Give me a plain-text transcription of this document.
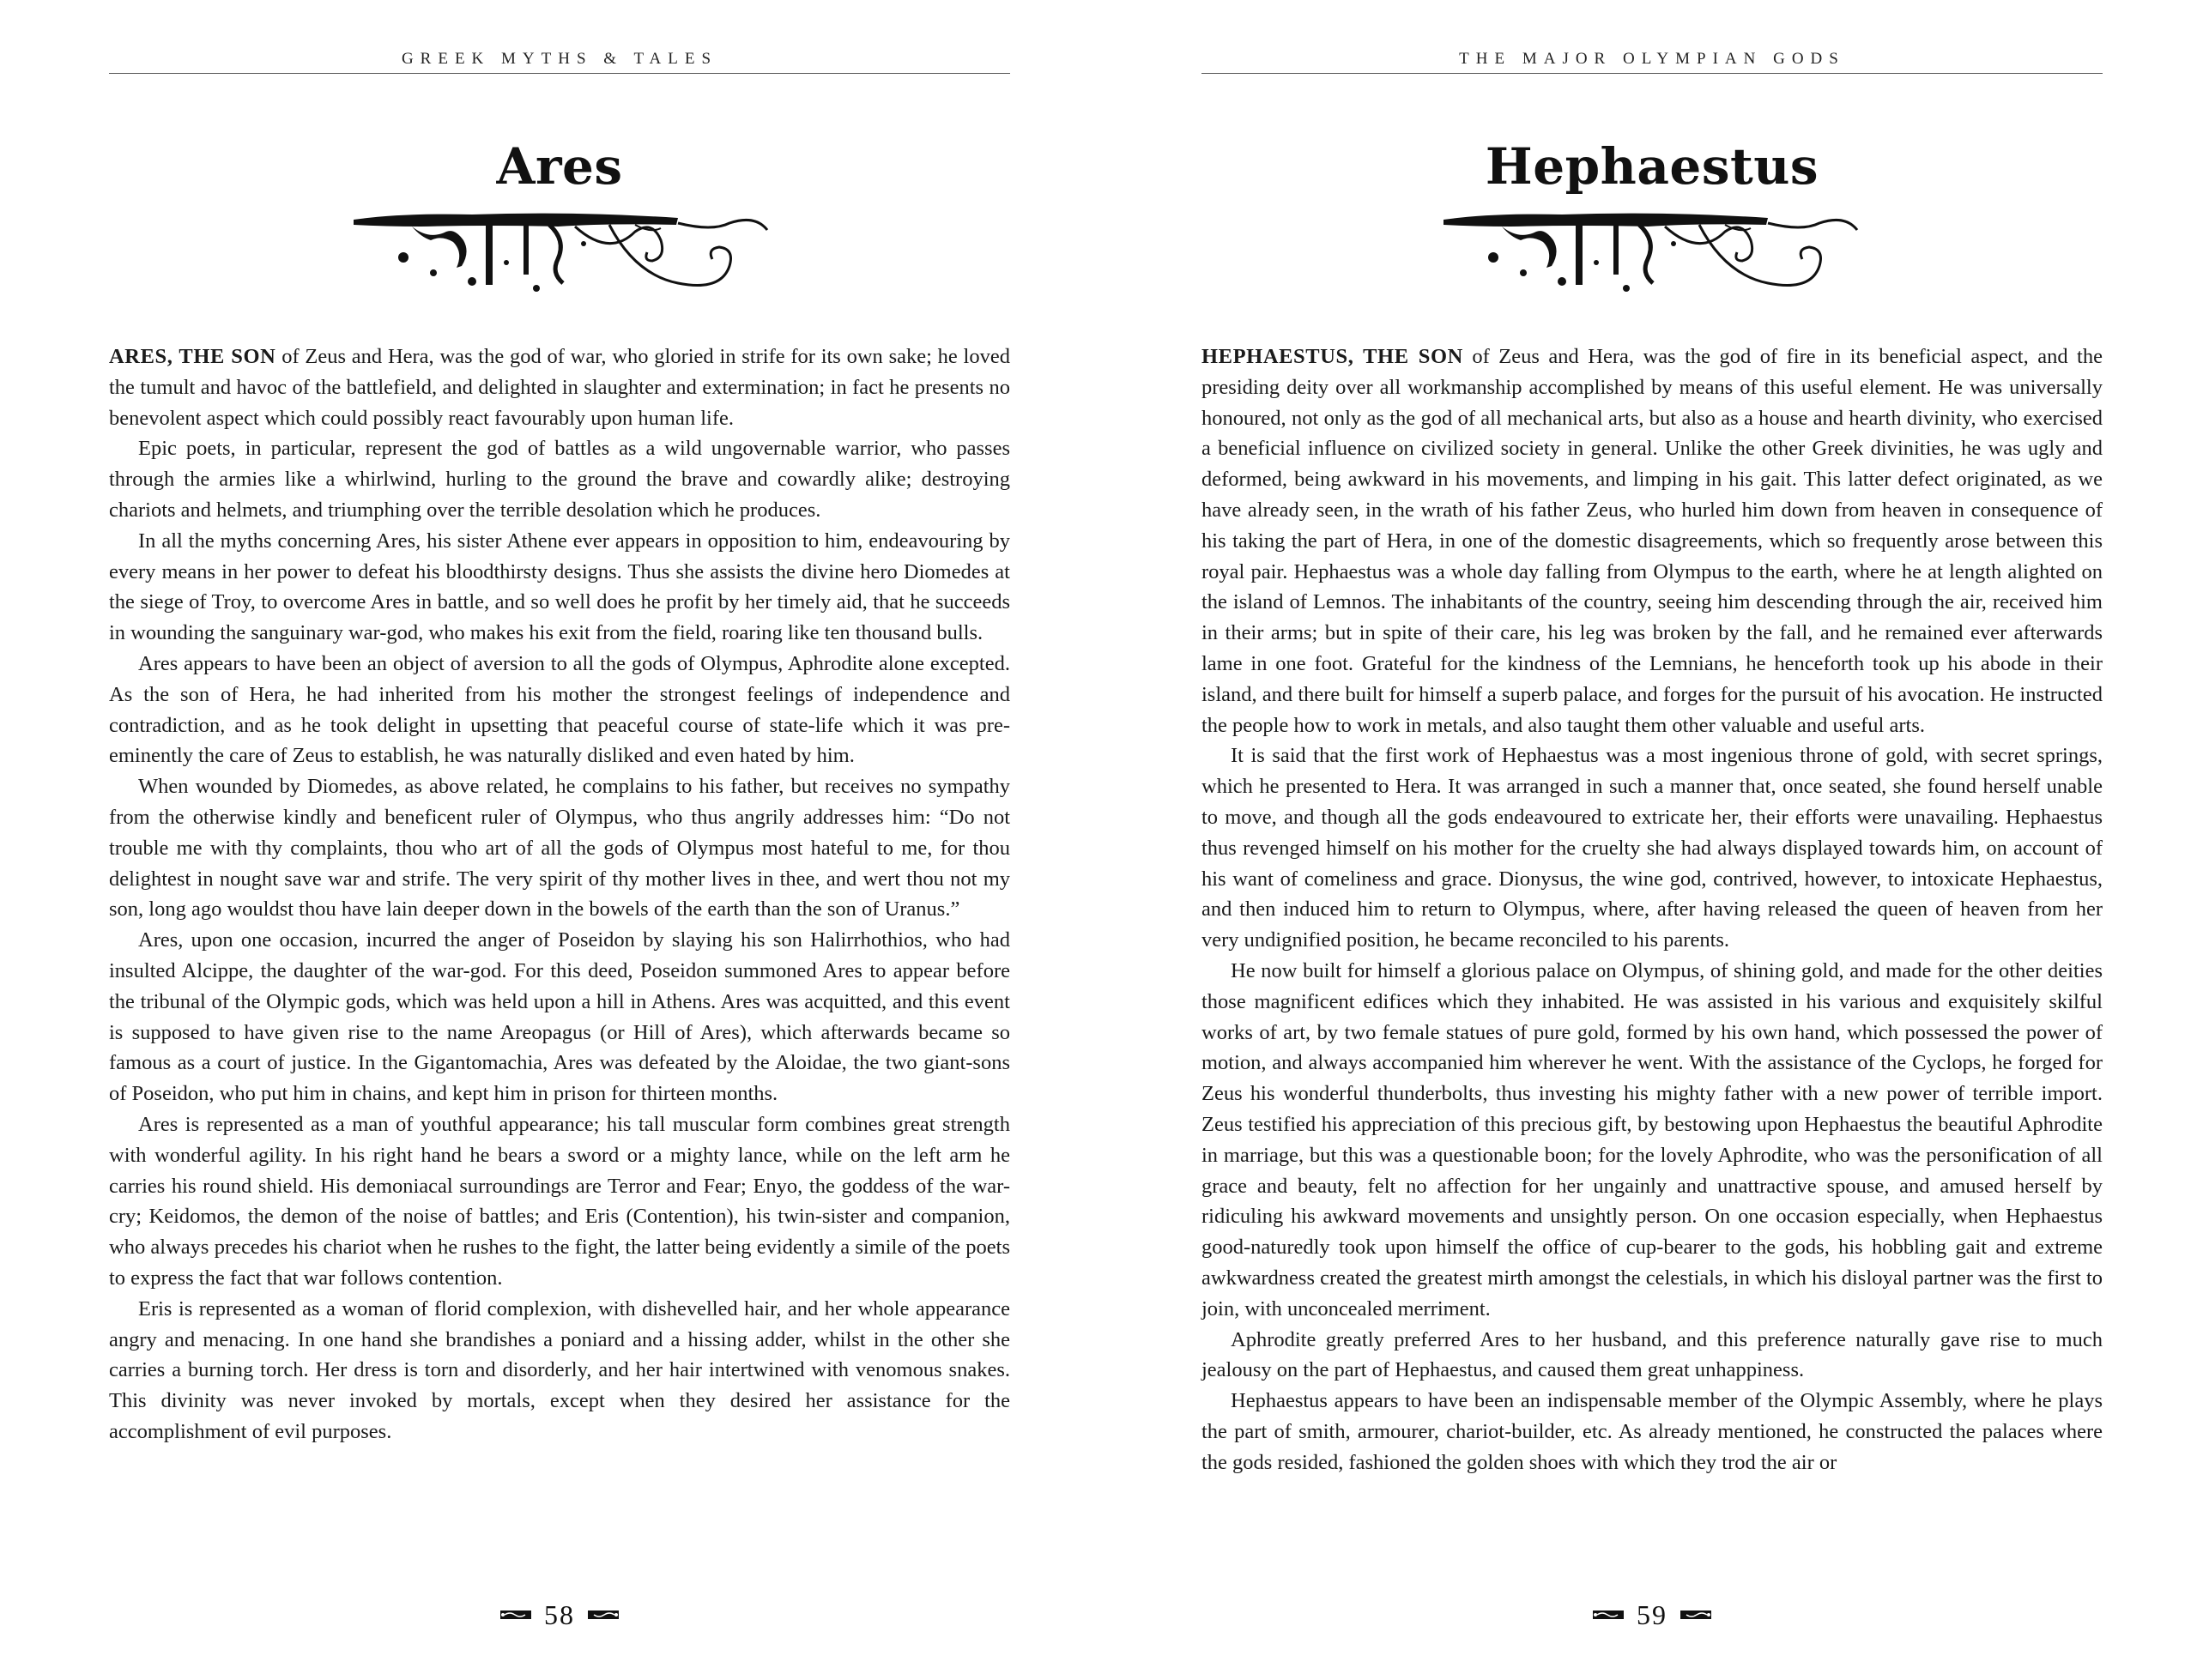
GREEK MYTHS & TALES
Ares

ARES, THE SON of Zeus and Hera, was the god of war, who gloried in strife for its own sake; he loved the tumult and havoc of the battlefield, and delighted in slaughter and extermination; in fact he presents no benevolent aspect which could possibly react favourably upon human life.

Epic poets, in particular, represent the god of battles as a wild ungovernable warrior, who passes through the armies like a whirlwind, hurling to the ground the brave and cowardly alike; destroying chariots and helmets, and triumphing over the terrible desolation which he produces.

In all the myths concerning Ares, his sister Athene ever appears in opposition to him, endeavouring by every means in her power to defeat his bloodthirsty designs. Thus she assists the divine hero Diomedes at the siege of Troy, to overcome Ares in battle, and so well does he profit by her timely aid, that he succeeds in wounding the sanguinary war-god, who makes his exit from the field, roaring like ten thousand bulls.

Ares appears to have been an object of aversion to all the gods of Olympus, Aphrodite alone excepted. As the son of Hera, he had inherited from his mother the strongest feelings of independence and contradiction, and as he took delight in upsetting that peaceful course of state-life which it was pre-eminently the care of Zeus to establish, he was naturally disliked and even hated by him.

When wounded by Diomedes, as above related, he complains to his father, but receives no sympathy from the otherwise kindly and beneficent ruler of Olympus, who thus angrily addresses him: “Do not trouble me with thy complaints, thou who art of all the gods of Olympus most hateful to me, for thou delightest in nought save war and strife. The very spirit of thy mother lives in thee, and wert thou not my son, long ago wouldst thou have lain deeper down in the bowels of the earth than the son of Uranus.”

Ares, upon one occasion, incurred the anger of Poseidon by slaying his son Halirrhothios, who had insulted Alcippe, the daughter of the war-god. For this deed, Poseidon summoned Ares to appear before the tribunal of the Olympic gods, which was held upon a hill in Athens. Ares was acquitted, and this event is supposed to have given rise to the name Areopagus (or Hill of Ares), which afterwards became so famous as a court of justice. In the Gigantomachia, Ares was defeated by the Aloidae, the two giant-sons of Poseidon, who put him in chains, and kept him in prison for thirteen months.

Ares is represented as a man of youthful appearance; his tall muscular form combines great strength with wonderful agility. In his right hand he bears a sword or a mighty lance, while on the left arm he carries his round shield. His demoniacal surroundings are Terror and Fear; Enyo, the goddess of the war-cry; Keidomos, the demon of the noise of battles; and Eris (Contention), his twin-sister and companion, who always precedes his chariot when he rushes to the fight, the latter being evidently a simile of the poets to express the fact that war follows contention.

Eris is represented as a woman of florid complexion, with dishevelled hair, and her whole appearance angry and menacing. In one hand she brandishes a poniard and a hissing adder, whilst in the other she carries a burning torch. Her dress is torn and disorderly, and her hair intertwined with venomous snakes. This divinity was never invoked by mortals, except when they desired her assistance for the accomplishment of evil purposes.

58
THE MAJOR OLYMPIAN GODS
Hephaestus

HEPHAESTUS, THE SON of Zeus and Hera, was the god of fire in its beneficial aspect, and the presiding deity over all workmanship accomplished by means of this useful element. He was universally honoured, not only as the god of all mechanical arts, but also as a house and hearth divinity, who exercised a beneficial influence on civilized society in general. Unlike the other Greek divinities, he was ugly and deformed, being awkward in his movements, and limping in his gait. This latter defect originated, as we have already seen, in the wrath of his father Zeus, who hurled him down from heaven in consequence of his taking the part of Hera, in one of the domestic disagreements, which so frequently arose between this royal pair. Hephaestus was a whole day falling from Olympus to the earth, where he at length alighted on the island of Lemnos. The inhabitants of the country, seeing him descending through the air, received him in their arms; but in spite of their care, his leg was broken by the fall, and he remained ever afterwards lame in one foot. Grateful for the kindness of the Lemnians, he henceforth took up his abode in their island, and there built for himself a superb palace, and forges for the pursuit of his avocation. He instructed the people how to work in metals, and also taught them other valuable and useful arts.

It is said that the first work of Hephaestus was a most ingenious throne of gold, with secret springs, which he presented to Hera. It was arranged in such a manner that, once seated, she found herself unable to move, and though all the gods endeavoured to extricate her, their efforts were unavailing. Hephaestus thus revenged himself on his mother for the cruelty she had always displayed towards him, on account of his want of comeliness and grace. Dionysus, the wine god, contrived, however, to intoxicate Hephaestus, and then induced him to return to Olympus, where, after having released the queen of heaven from her very undignified position, he became reconciled to his parents.

He now built for himself a glorious palace on Olympus, of shining gold, and made for the other deities those magnificent edifices which they inhabited. He was assisted in his various and exquisitely skilful works of art, by two female statues of pure gold, formed by his own hand, which possessed the power of motion, and always accompanied him wherever he went. With the assistance of the Cyclops, he forged for Zeus his wonderful thunderbolts, thus investing his mighty father with a new power of terrible import. Zeus testified his appreciation of this precious gift, by bestowing upon Hephaestus the beautiful Aphrodite in marriage, but this was a questionable boon; for the lovely Aphrodite, who was the personification of all grace and beauty, felt no affection for her ungainly and unattractive spouse, and amused herself by ridiculing his awkward movements and unsightly person. On one occasion especially, when Hephaestus good-naturedly took upon himself the office of cup-bearer to the gods, his hobbling gait and extreme awkwardness created the greatest mirth amongst the celestials, in which his disloyal partner was the first to join, with unconcealed merriment.

Aphrodite greatly preferred Ares to her husband, and this preference naturally gave rise to much jealousy on the part of Hephaestus, and caused them great unhappiness.

Hephaestus appears to have been an indispensable member of the Olympic Assembly, where he plays the part of smith, armourer, chariot-builder, etc. As already mentioned, he constructed the palaces where the gods resided, fashioned the golden shoes with which they trod the air or

59
